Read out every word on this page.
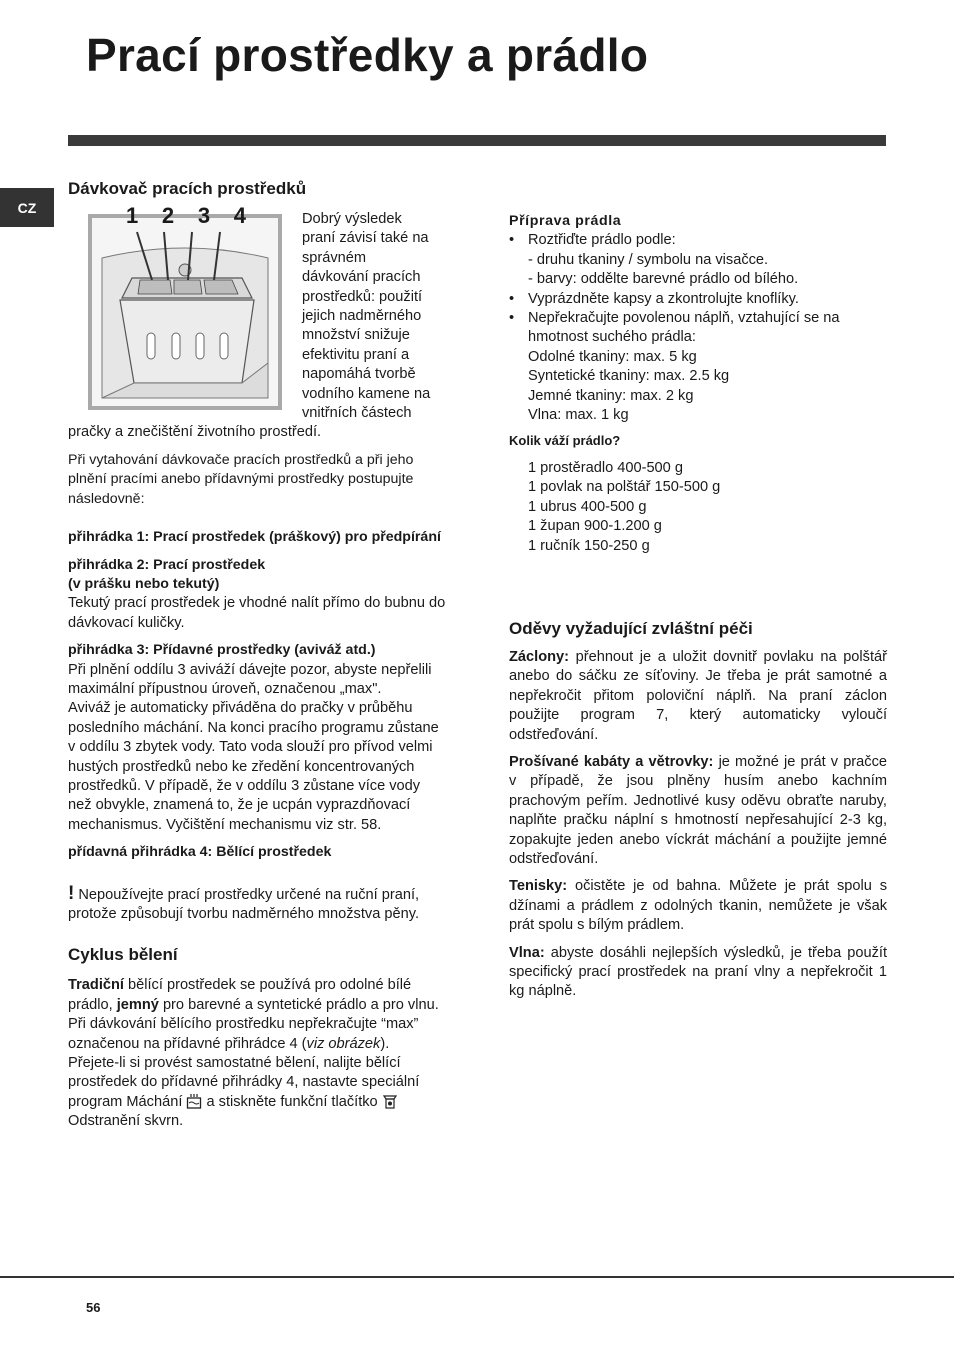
Prací prostředky a prádlo
CZ
Dávkovač pracích prostředků
1 2 3 4	Dobrý výsledek
praní závisí také na
správném
dávkování pracích
prostředků: použití
jejich nadměrného
množství snižuje
efektivitu praní a
napomáhá tvorbě
vodního kamene na
vnitřních částech
pračky a znečištění životního prostředí.

Při vytahování dávkovače pracích prostředků a při jeho plnění pracími anebo přídavnými prostředky postupujte následovně:

přihrádka 1: Prací prostředek (práškový) pro předpírání

přihrádka 2: Prací prostředek

(v prášku nebo tekutý)

Tekutý prací prostředek je vhodné nalít přímo do bubnu do dávkovací kuličky.

přihrádka 3: Přídavné prostředky (aviváž atd.)

Při plnění oddílu 3 aviváží dávejte pozor, abyste nepřelili maximální přípustnou úroveň, označenou „max".

Aviváž je automaticky přiváděna do pračky v průběhu posledního máchání. Na konci pracího programu zůstane v oddílu 3 zbytek vody. Tato voda slouží pro přívod velmi hustých prostředků nebo ke zředění koncentrovaných prostředků. V případě, že v oddílu 3 zůstane více vody než obvykle, znamená to, že je ucpán vyprazdňovací mechanismus. Vyčištění mechanismu viz str. 58.

přídavná přihrádka 4: Bělící prostředek

! Nepoužívejte prací prostředky určené na ruční praní, protože způsobují tvorbu nadměrného množstva pěny.

Cyklus bělení

Tradiční bělící prostředek se používá pro odolné bílé prádlo, jemný pro barevné a syntetické prádlo a pro vlnu.

Při dávkování bělícího prostředku nepřekračujte “max” označenou na přídavné přihrádce 4 (viz obrázek).

Přejete-li si provést samostatné bělení, nalijte bělící prostředek do přídavné přihrádky 4, nastavte speciální program Máchání a stiskněte funkční tlačítko Odstranění skvrn.

Příprava prádla

• Roztřiďte prádlo podle:
- druhu tkaniny / symbolu na visačce.
- barvy: oddělte barevné prádlo od bílého.
• Vyprázdněte kapsy a zkontrolujte knoflíky.
• Nepřekračujte povolenou náplň, vztahující se na hmotnost suchého prádla:
Odolné tkaniny: max. 5 kg
Syntetické tkaniny: max. 2.5 kg
Jemné tkaniny: max. 2 kg
Vlna: max. 1 kg

Kolik váží prádlo?

1 prostěradlo 400-500 g
1 povlak na polštář 150-500 g
1 ubrus 400-500 g
1 župan 900-1.200 g
1 ručník 150-250 g
Oděvy vyžadující zvláštní péči

Záclony: přehnout je a uložit dovnitř povlaku na polštář anebo do sáčku ze síťoviny. Je třeba je prát samotné a nepřekročit přitom poloviční náplň. Na praní záclon použijte program 7, který automaticky vyloučí odstřeďování.

Prošívané kabáty a větrovky: je možné je prát v pračce v případě, že jsou plněny husím anebo kachním prachovým peřím. Jednotlivé kusy oděvu obraťte naruby, naplňte pračku náplní s hmotností nepřesahující 2-3 kg, zopakujte jeden anebo víckrát máchání a použijte jemné odstřeďování.

Tenisky: očistěte je od bahna. Můžete je prát spolu s džínami a prádlem z odolných tkanin, nemůžete je však prát spolu s bílým prádlem.

Vlna: abyste dosáhli nejlepších výsledků, je třeba použít specifický prací prostředek na praní vlny a nepřekročit 1 kg náplně.

56
